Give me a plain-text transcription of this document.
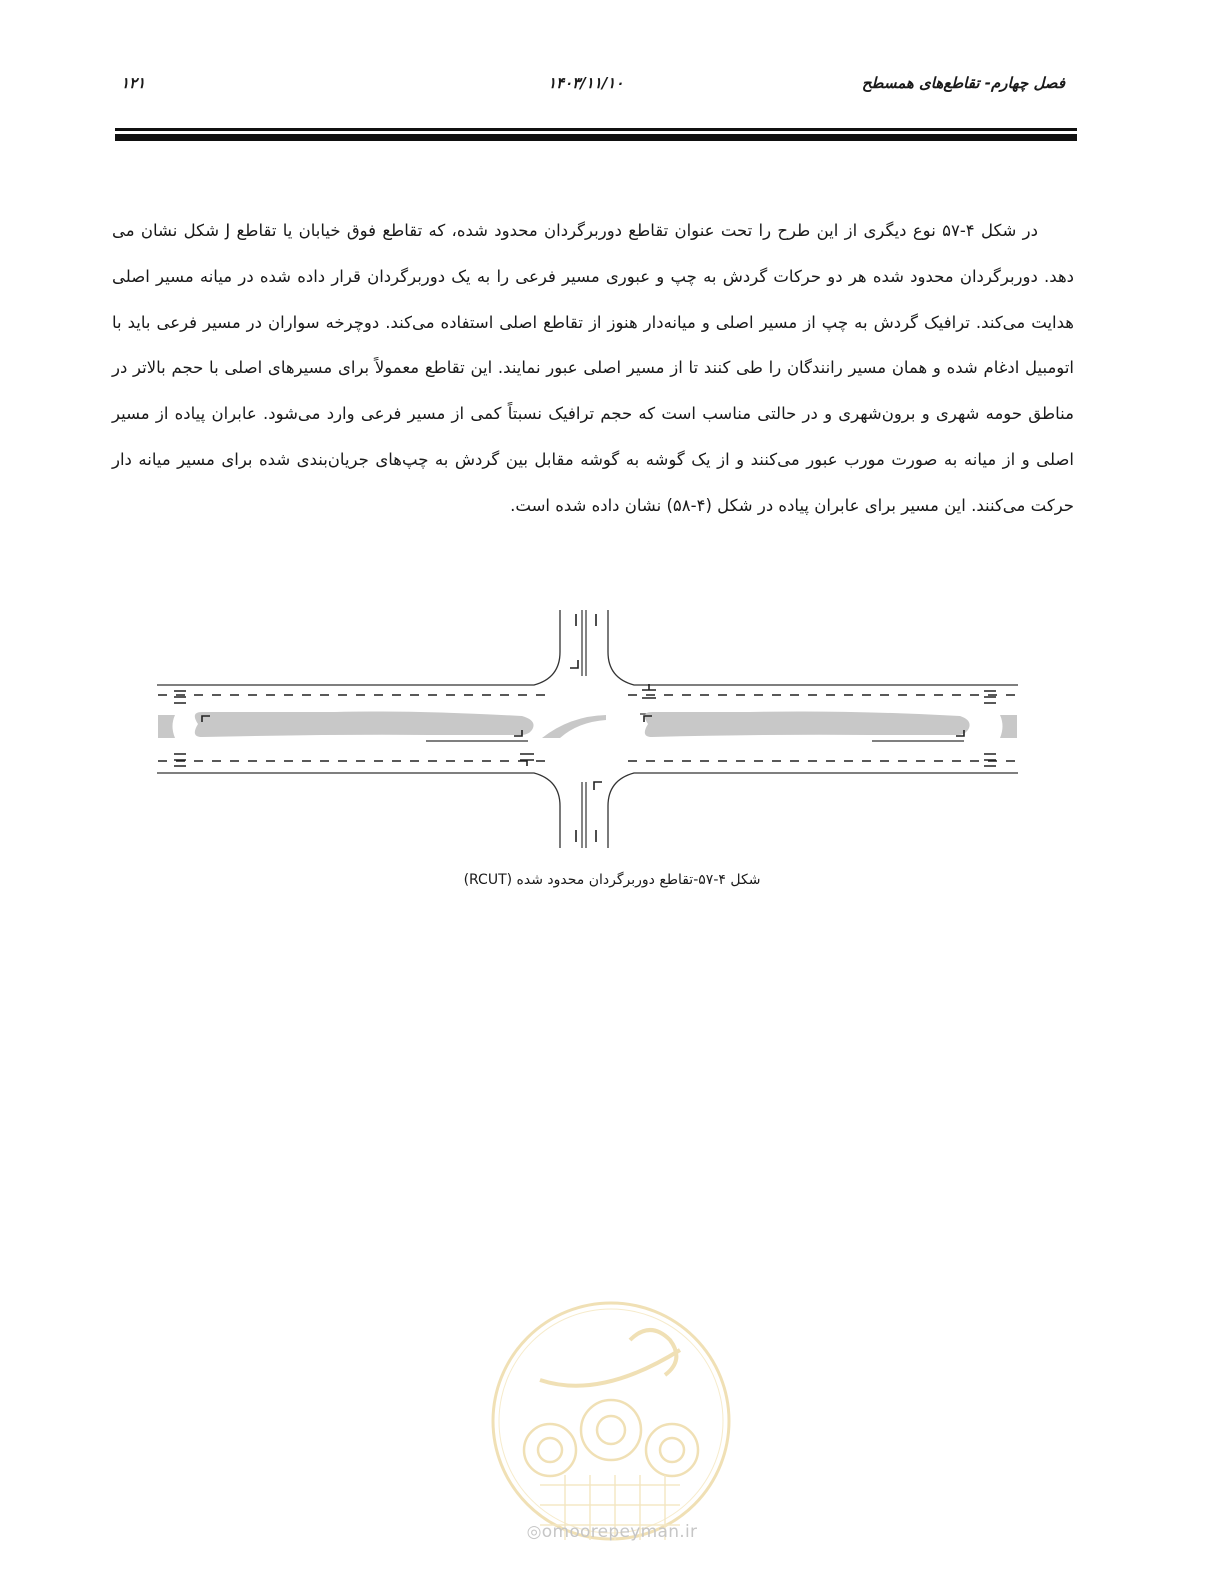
فصل چهارم- تقاطع‌های همسطح
۱۴۰۳/۱۱/۱۰
۱۲۱

در شکل ۴-۵۷ نوع دیگری از این طرح را تحت عنوان تقاطع دوربرگردان محدود شده، که تقاطع فوق خیابان یا تقاطع J شکل نشان می دهد. دوربرگردان محدود شده هر دو حرکات گردش به چپ و عبوری مسیر فرعی را به یک دوربرگردان قرار داده شده در میانه مسیر اصلی هدایت می‌کند. ترافیک گردش به چپ از مسیر اصلی و میانه‌دار هنوز از تقاطع اصلی استفاده می‌کند. دوچرخه سواران در مسیر فرعی باید با اتومبیل ادغام شده و همان مسیر رانندگان را طی کنند تا از مسیر اصلی عبور نمایند. این تقاطع معمولاً برای مسیرهای اصلی با حجم بالاتر در مناطق حومه شهری و برون‌شهری و در حالتی مناسب است که حجم ترافیک نسبتاً کمی از مسیر فرعی وارد می‌شود. عابران پیاده از مسیر اصلی و از میانه به صورت مورب عبور می‌کنند و از یک گوشه به گوشه مقابل بین گردش به چپ‌های جریان‌بندی شده برای مسیر میانه دار حرکت می‌کنند. این مسیر برای عابران پیاده در شکل (۴-۵۸) نشان داده شده است.

شکل ۴-۵۷-تقاطع دوربرگردان محدود شده (RCUT)
◎omoorepeyman.ir
